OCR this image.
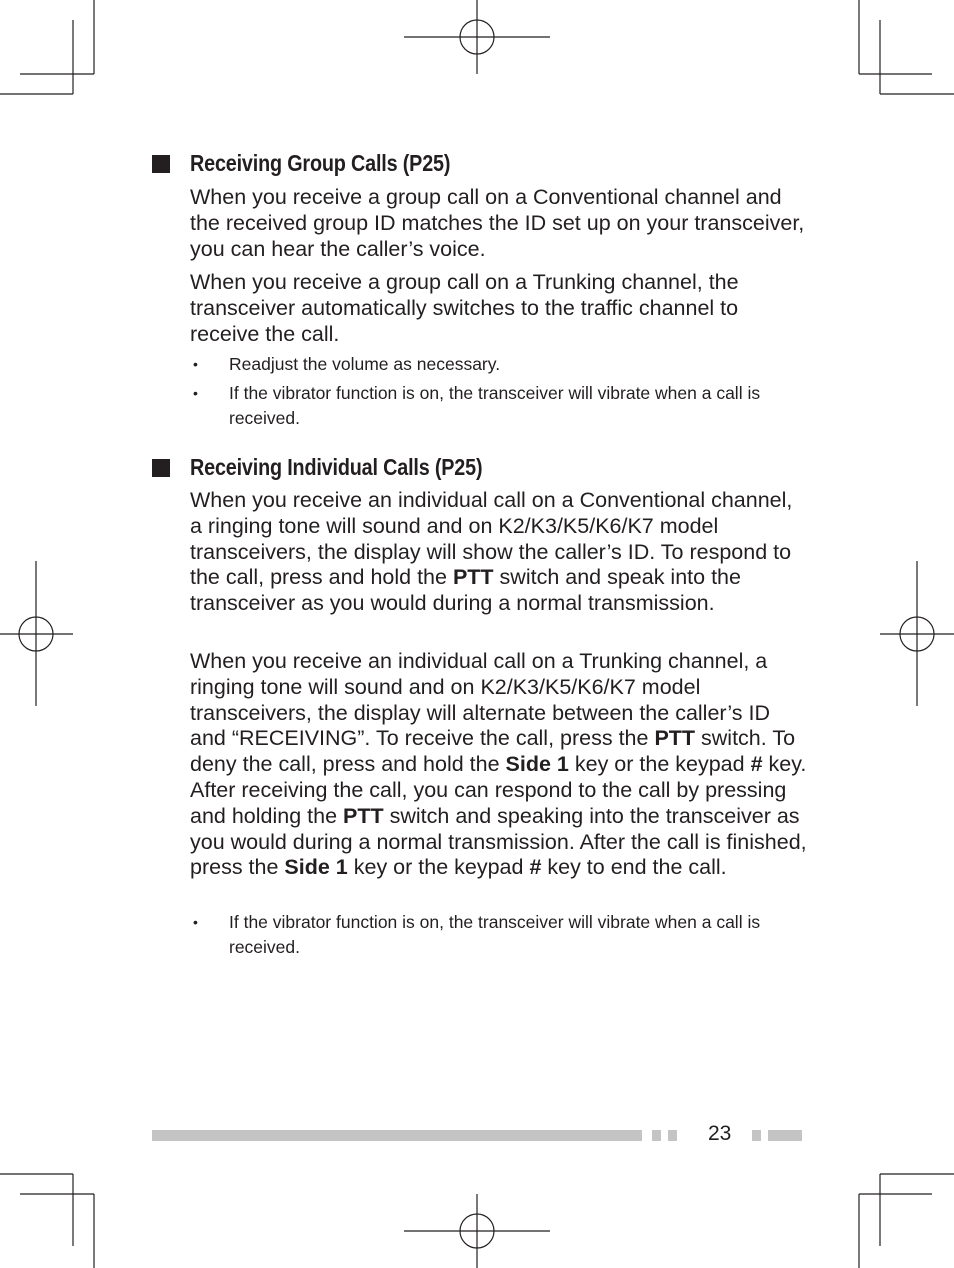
Receiving Group Calls (P25)

When you receive a group call on a Conventional channel and the received group ID matches the ID set up on your transceiver, you can hear the caller’s voice.

When you receive a group call on a Trunking channel, the transceiver automatically switches to the traffic channel to receive the call.

•	Readjust the volume as necessary.
•	If the vibrator function is on, the transceiver will vibrate when a call is received.
Receiving Individual Calls (P25)

When you receive an individual call on a Conventional channel, a ringing tone will sound and on K2/K3/K5/K6/K7 model transceivers, the display will show the caller’s ID. To respond to the call, press and hold the PTT switch and speak into the transceiver as you would during a normal transmission.

When you receive an individual call on a Trunking channel, a ringing tone will sound and on K2/K3/K5/K6/K7 model transceivers, the display will alternate between the caller’s ID and “RECEIVING”. To receive the call, press the PTT switch. To deny the call, press and hold the Side 1 key or the keypad # key. After receiving the call, you can respond to the call by pressing and holding the PTT switch and speaking into the transceiver as you would during a normal transmission. After the call is finished, press the Side 1 key or the keypad # key to end the call.

•	If the vibrator function is on, the transceiver will vibrate when a call is received.
23
